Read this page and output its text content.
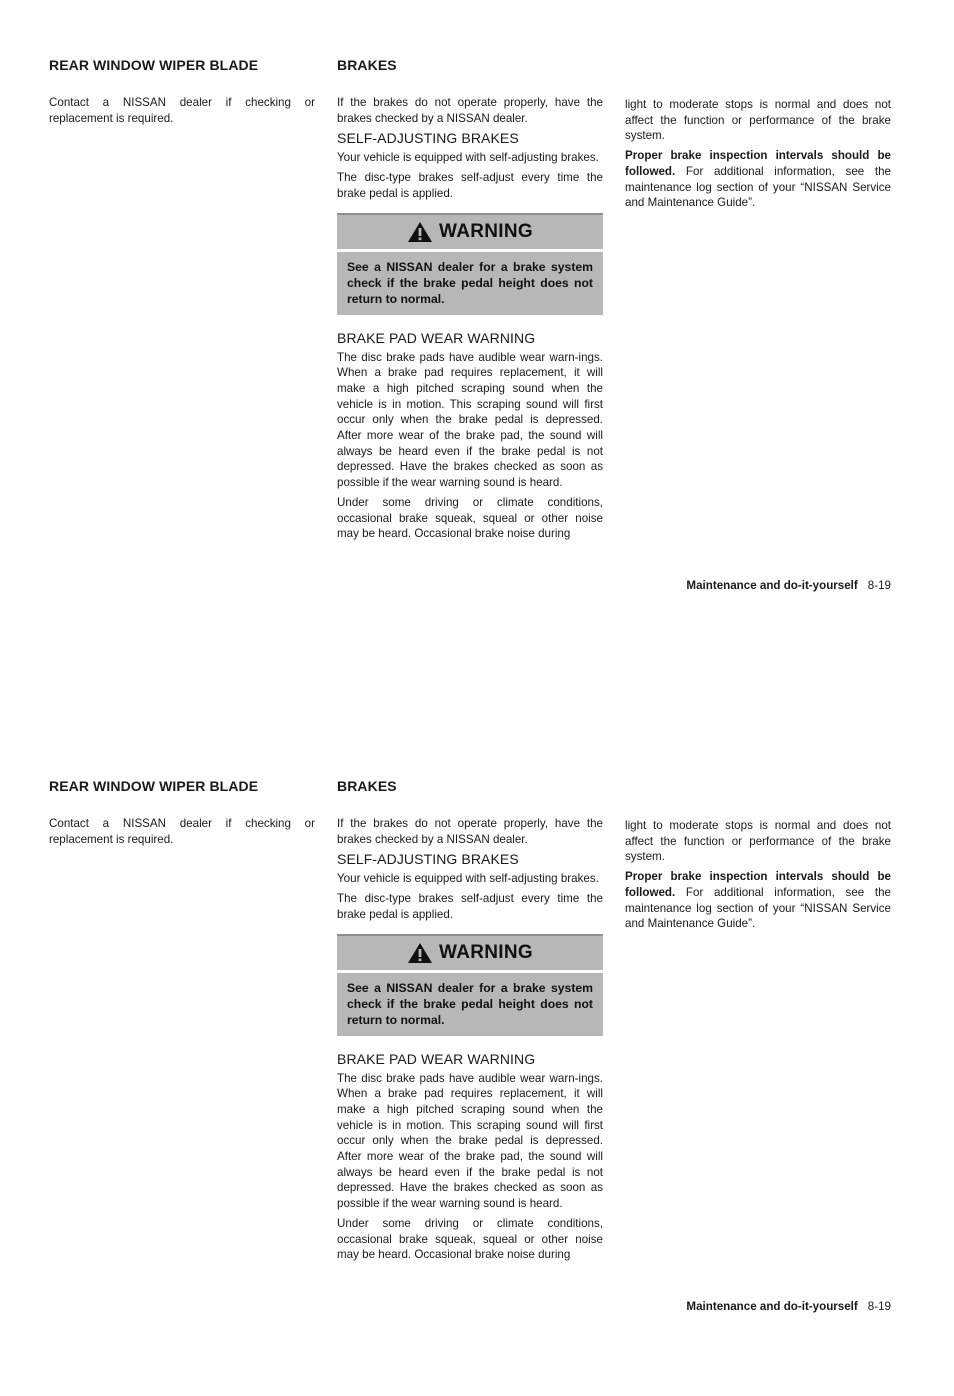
REAR WINDOW WIPER BLADE

Contact a NISSAN dealer if checking or replacement is required.

BRAKES

If the brakes do not operate properly, have the brakes checked by a NISSAN dealer.

SELF-ADJUSTING BRAKES

Your vehicle is equipped with self-adjusting brakes.

The disc-type brakes self-adjust every time the brake pedal is applied.

WARNING
See a NISSAN dealer for a brake system check if the brake pedal height does not return to normal.
BRAKE PAD WEAR WARNING

The disc brake pads have audible wear warn-ings. When a brake pad requires replacement, it will make a high pitched scraping sound when the vehicle is in motion. This scraping sound will first occur only when the brake pedal is depressed. After more wear of the brake pad, the sound will always be heard even if the brake pedal is not depressed. Have the brakes checked as soon as possible if the wear warning sound is heard.

Under some driving or climate conditions, occasional brake squeak, squeal or other noise may be heard. Occasional brake noise during

light to moderate stops is normal and does not affect the function or performance of the brake system.

Proper brake inspection intervals should be followed. For additional information, see the maintenance log section of your “NISSAN Service and Maintenance Guide”.

Maintenance and do-it-yourself 8-19
REAR WINDOW WIPER BLADE

Contact a NISSAN dealer if checking or replacement is required.

BRAKES

If the brakes do not operate properly, have the brakes checked by a NISSAN dealer.

SELF-ADJUSTING BRAKES

Your vehicle is equipped with self-adjusting brakes.

The disc-type brakes self-adjust every time the brake pedal is applied.

WARNING
See a NISSAN dealer for a brake system check if the brake pedal height does not return to normal.
BRAKE PAD WEAR WARNING

The disc brake pads have audible wear warn-ings. When a brake pad requires replacement, it will make a high pitched scraping sound when the vehicle is in motion. This scraping sound will first occur only when the brake pedal is depressed. After more wear of the brake pad, the sound will always be heard even if the brake pedal is not depressed. Have the brakes checked as soon as possible if the wear warning sound is heard.

Under some driving or climate conditions, occasional brake squeak, squeal or other noise may be heard. Occasional brake noise during

light to moderate stops is normal and does not affect the function or performance of the brake system.

Proper brake inspection intervals should be followed. For additional information, see the maintenance log section of your “NISSAN Service and Maintenance Guide”.

Maintenance and do-it-yourself 8-19
